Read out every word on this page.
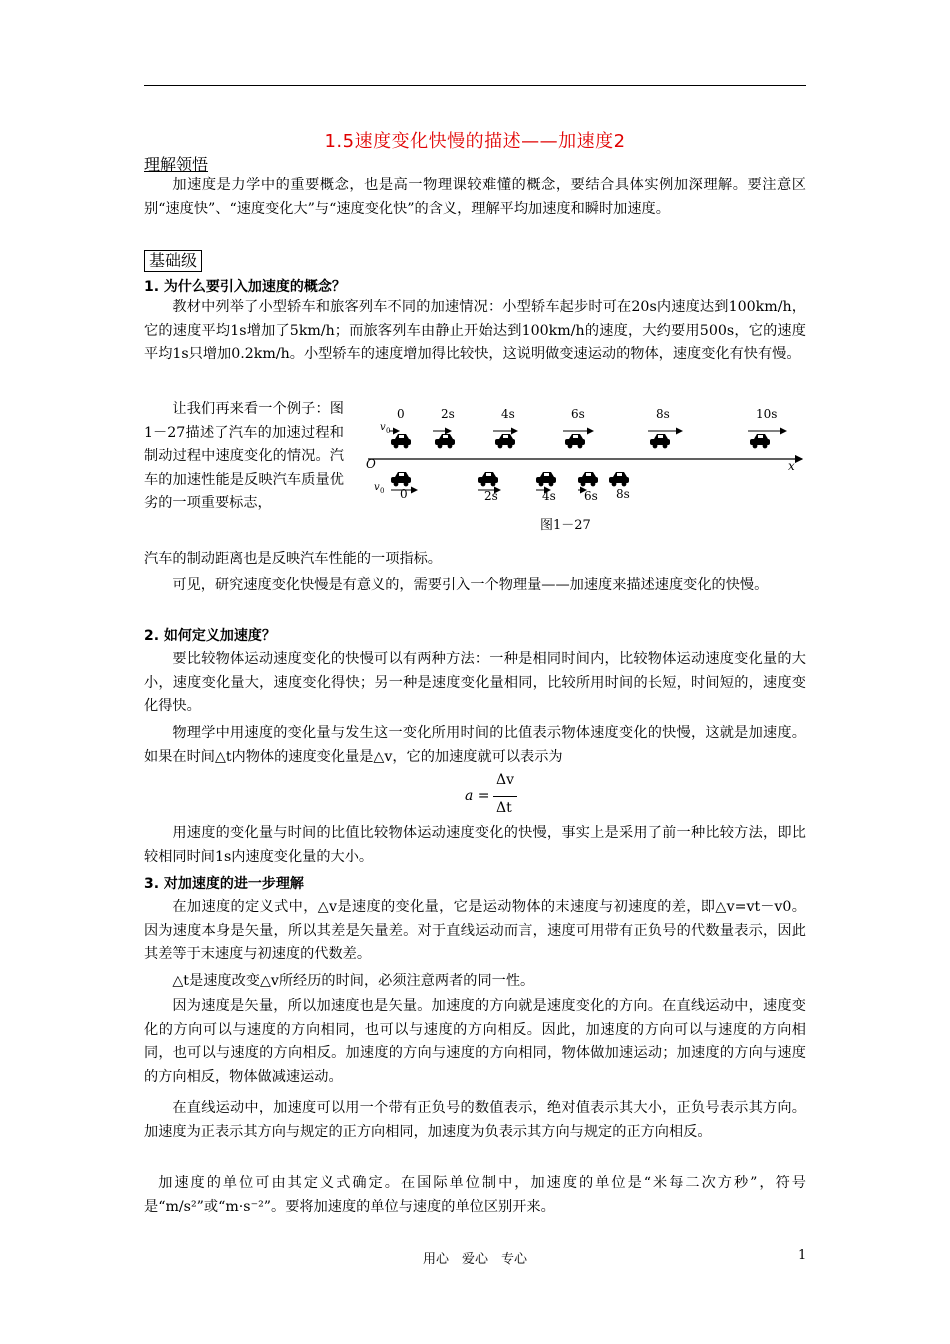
1.5速度变化快慢的描述——加速度2
理解领悟
加速度是力学中的重要概念，也是高一物理课较难懂的概念，要结合具体实例加深理解。要注意区别“速度快”、“速度变化大”与“速度变化快”的含义，理解平均加速度和瞬时加速度。
基础级
1. 为什么要引入加速度的概念？
教材中列举了小型轿车和旅客列车不同的加速情况：小型轿车起步时可在20s内速度达到100km/h，它的速度平均1s增加了5km/h；而旅客列车由静止开始达到100km/h的速度，大约要用500s，它的速度平均1s只增加0.2km/h。小型轿车的速度增加得比较快，这说明做变速运动的物体，速度变化有快有慢。
让我们再来看一个例子：图1－27描述了汽车的加速过程和制动过程中速度变化的情况。汽车的加速性能是反映汽车质量优劣的一项重要标志，
汽车的制动距离也是反映汽车性能的一项指标。
0	2s	4s	6s	8s	10s
v 0
O	x
0	2s	4s 6s 8s
v 0
图1－27
可见，研究速度变化快慢是有意义的，需要引入一个物理量——加速度来描述速度变化的快慢。
2. 如何定义加速度？
要比较物体运动速度变化的快慢可以有两种方法：一种是相同时间内，比较物体运动速度变化量的大小，速度变化量大，速度变化得快；另一种是速度变化量相同，比较所用时间的长短，时间短的，速度变化得快。
物理学中用速度的变化量与发生这一变化所用时间的比值表示物体速度变化的快慢，这就是加速度。如果在时间△t内物体的速度变化量是△v，它的加速度就可以表示为
a =
Δv
Δt
用速度的变化量与时间的比值比较物体运动速度变化的快慢，事实上是采用了前一种比较方法，即比较相同时间1s内速度变化量的大小。
3. 对加速度的进一步理解
在加速度的定义式中，△v是速度的变化量，它是运动物体的末速度与初速度的差，即△v=vt－v0。因为速度本身是矢量，所以其差是矢量差。对于直线运动而言，速度可用带有正负号的代数量表示，因此其差等于末速度与初速度的代数差。
△t是速度改变△v所经历的时间，必须注意两者的同一性。
因为速度是矢量，所以加速度也是矢量。加速度的方向就是速度变化的方向。在直线运动中，速度变化的方向可以与速度的方向相同，也可以与速度的方向相反。因此，加速度的方向可以与速度的方向相同，也可以与速度的方向相反。加速度的方向与速度的方向相同，物体做加速运动；加速度的方向与速度的方向相反，物体做减速运动。
在直线运动中，加速度可以用一个带有正负号的数值表示，绝对值表示其大小，正负号表示其方向。加速度为正表示其方向与规定的正方向相同，加速度为负表示其方向与规定的正方向相反。
加速度的单位可由其定义式确定。在国际单位制中，加速度的单位是“米每二次方秒”，符号是“m/s²”或“m·s⁻²”。要将加速度的单位与速度的单位区别开来。
用心　爱心　专心	1
